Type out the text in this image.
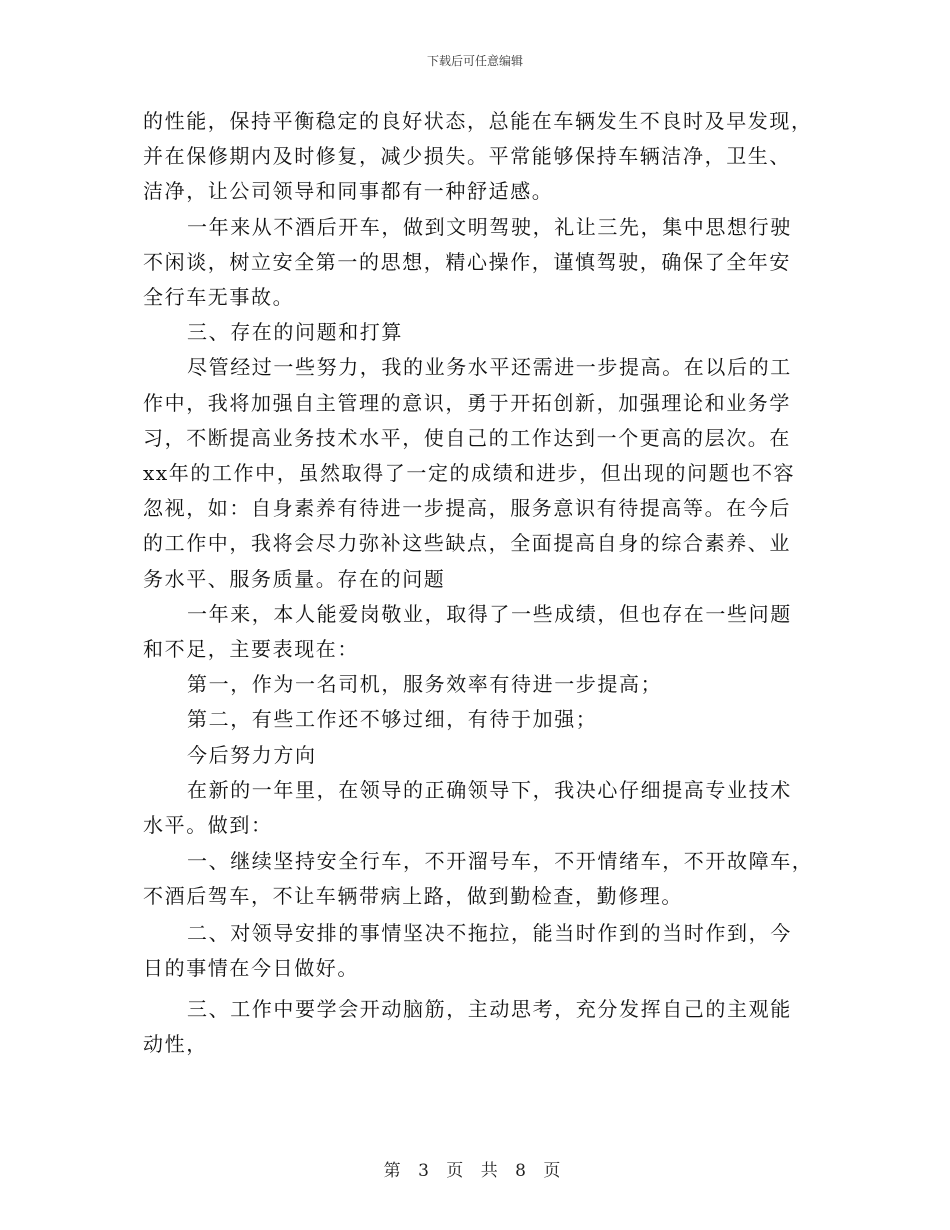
下载后可任意编辑

的性能，保持平衡稳定的良好状态，总能在车辆发生不良时及早发现，
并在保修期内及时修复，减少损失。平常能够保持车辆洁净，卫生、
洁净，让公司领导和同事都有一种舒适感。

一年来从不酒后开车，做到文明驾驶，礼让三先，集中思想行驶
不闲谈，树立安全第一的思想，精心操作，谨慎驾驶，确保了全年安
全行车无事故。

三、存在的问题和打算

尽管经过一些努力，我的业务水平还需进一步提高。在以后的工
作中，我将加强自主管理的意识，勇于开拓创新，加强理论和业务学
习，不断提高业务技术水平，使自己的工作达到一个更高的层次。在
xx年的工作中，虽然取得了一定的成绩和进步，但出现的问题也不容
忽视，如：自身素养有待进一步提高，服务意识有待提高等。在今后
的工作中，我将会尽力弥补这些缺点，全面提高自身的综合素养、业
务水平、服务质量。存在的问题

一年来，本人能爱岗敬业，取得了一些成绩，但也存在一些问题
和不足，主要表现在：

第一，作为一名司机，服务效率有待进一步提高；

第二，有些工作还不够过细，有待于加强；

今后努力方向

在新的一年里，在领导的正确领导下，我决心仔细提高专业技术
水平。做到：

一、继续坚持安全行车，不开溜号车，不开情绪车，不开故障车，
不酒后驾车，不让车辆带病上路，做到勤检查，勤修理。

二、对领导安排的事情坚决不拖拉，能当时作到的当时作到，今
日的事情在今日做好。

三、工作中要学会开动脑筋，主动思考，充分发挥自己的主观能
动性，

第 3 页 共 8 页
